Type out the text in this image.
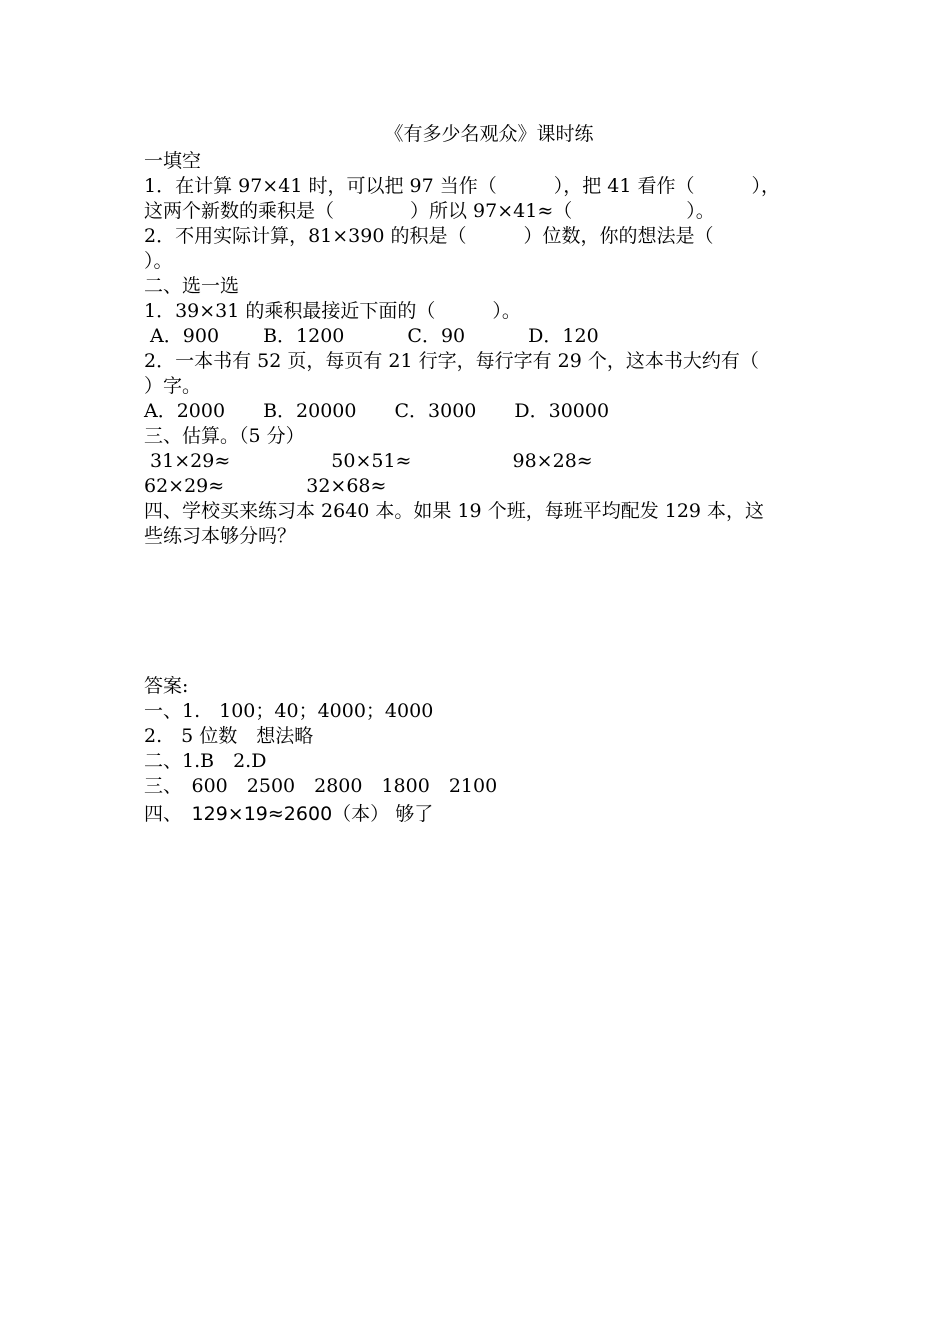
《有多少名观众》课时练
一填空
1．在计算 97×41 时，可以把 97 当作（　　　），把 41 看作（　　　），
这两个新数的乘积是（　　　　）所以 97×41≈（　　　　　　）。
2．不用实际计算，81×390 的积是（　　　）位数，你的想法是（
）。
二、选一选
1．39×31 的乘积最接近下面的（　　　）。
A．900　　 B．1200　　　 C．90　　　 D．120
2．一本书有 52 页，每页有 21 行字，每行字有 29 个，这本书大约有（
）字。
A．2000　　B．20000　　C．3000　　D．30000
三、估算。（5 分）
31×29≈　　　　　 50×51≈　　　　　 98×28≈
62×29≈　　　　 32×68≈
四、学校买来练习本 2640 本。如果 19 个班，每班平均配发 129 本，这
些练习本够分吗？
答案:
一、1.　100；40；4000；4000
2.　5 位数　想法略
二、1.B　2.D
三、　600　2500　2800　1800　2100
四、　129×19≈2600（本） 够了
